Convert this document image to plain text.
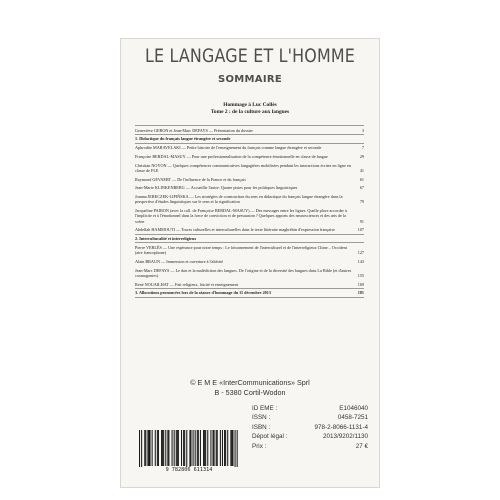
LE LANGAGE ET L'HOMME
SOMMAIRE
Hommage à Luc Collès
Tome 2 : de la culture aux langues
Geneviève GERON et Jean-Marc DEFAYS — Présentation du dossier	3
1. Didactique du français langue étrangère et seconde
Aphrodite MARAVELAKI — Petite histoire de l'enseignement du français comme langue étrangère et seconde	7
Françoise BERDAL-MASUY — Pour une professionnalisation de la compétence émotionnelle en classe de langue	29
Christian NOYON — Quelques compétences communicatives langagières mobilisées pendant les interactions écrites en ligne en classe de FLE	41
Raymond GEVAERT — De l'influence de la France et du français	61
Jean-Marie KLINKENBERG — Accueillir l'autre. Quatre pistes pour les politiques linguistiques	67
Joanna JERECZEK-LIPIŃSKA — Les stratégies de construction du sens en didactique du français langue étrangère dans la perspective d'études linguistiques sur le sens et la signification	79
Jacqueline PAIRON (avec la coll. de Françoise BERDAL-MASUY) — Des messages entre les lignes. Quelle place accorder à l'implicite et à l'émotionnel dans la force de conviction et de persuasion ? Quelques apports des neurosciences et des arts de la scène	91
Abdellah HAMMOUTI — Traces culturelles et interculturelles dans le texte littéraire maghrébin d'expression française	107
2. Interculturalité et interreligieux
Pierre VERLÈS — Une espérance pour notre temps : Le foisonnement de l'interculturel et de l'interreligieux Chine – Occident (aire francophone)	127
Alain BRAUN — Immersion et ouverture à l'altérité	143
Jean-Marc DEFAYS — Le don et la malédiction des langues. De l'origine et de la diversité des langues dans La Bible (et d'autres cosmogonies)	155
René NOUAILHAT — Fait religieux, laïcité et enseignement	169
3. Allocutions prononcées lors de la séance d'hommage du 11 décembre 2013	181
© E M E «InterCommunications» Sprl
B - 5380 Cortil-Wodon
ID EME :	E1046040
ISSN :	0458-7251
ISBN :	978-2-8066-1131-4
Dépot légal :	2013/9202/1130
Prix :	27 €
9 782806 611314
